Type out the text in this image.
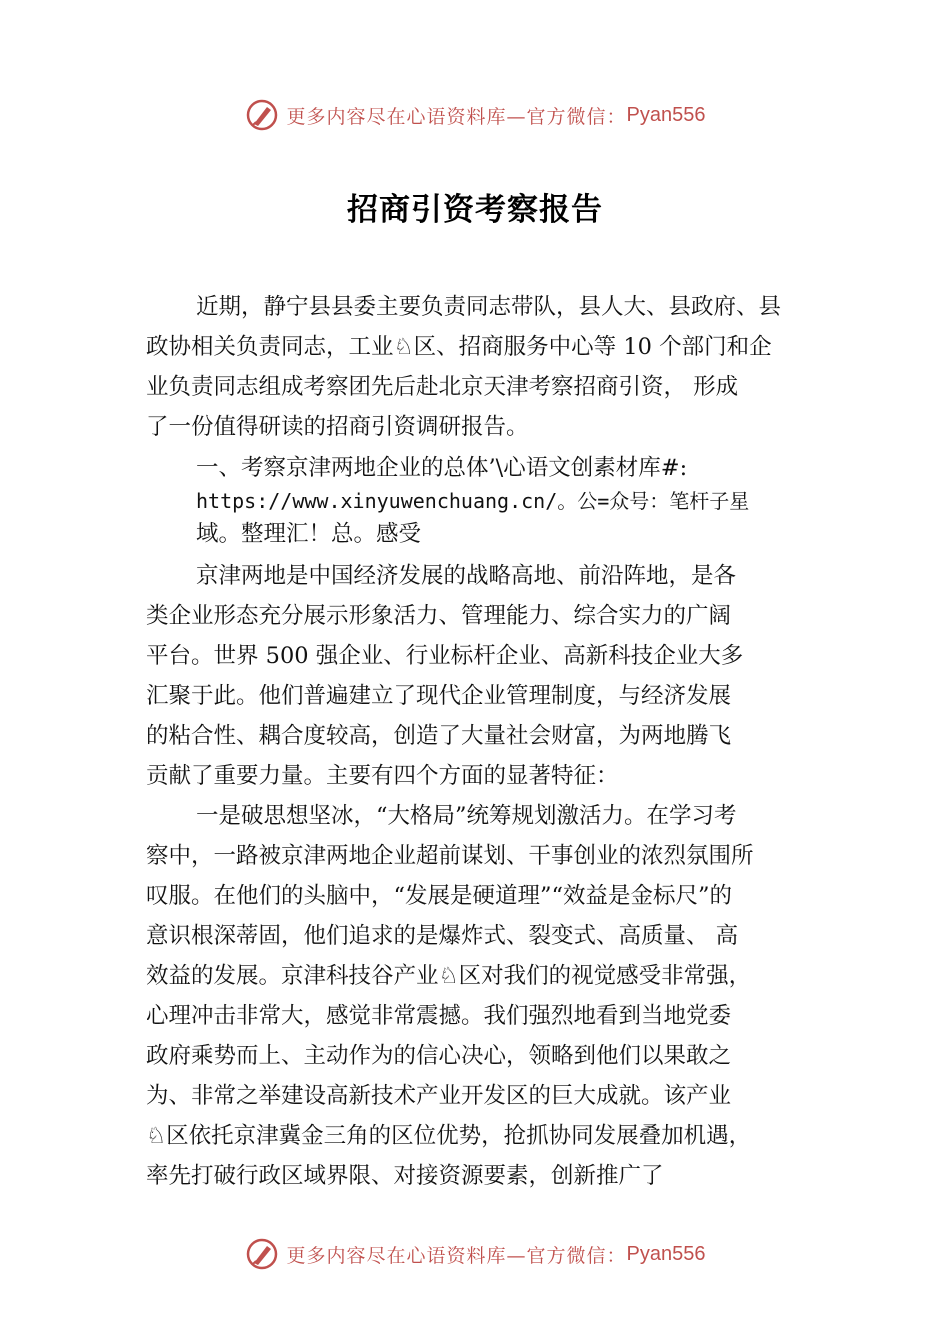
更多内容尽在心语资料库—官方微信： Pyan556
招商引资考察报告
近期，静宁县县委主要负责同志带队，县人大、县政府、县
政协相关负责同志，工业♘区、招商服务中心等 10 个部门和企
业负责同志组成考察团先后赴北京天津考察招商引资， 形成
了一份值得研读的招商引资调研报告。
一、考察京津两地企业的总体’\心语文创素材库#:
https://www.xinyuwenchuang.cn/。公=众号：笔杆子星
域。整理汇！总。感受
京津两地是中国经济发展的战略高地、前沿阵地，是各
类企业形态充分展示形象活力、管理能力、综合实力的广阔
平台。世界 500 强企业、行业标杆企业、高新科技企业大多
汇聚于此。他们普遍建立了现代企业管理制度，与经济发展
的粘合性、耦合度较高，创造了大量社会财富，为两地腾飞
贡献了重要力量。主要有四个方面的显著特征：
一是破思想坚冰，“大格局”统筹规划激活力。在学习考
察中，一路被京津两地企业超前谋划、干事创业的浓烈氛围所
叹服。在他们的头脑中，“发展是硬道理”“效益是金标尺”的
意识根深蒂固，他们追求的是爆炸式、裂变式、高质量、 高
效益的发展。京津科技谷产业♘区对我们的视觉感受非常强，
心理冲击非常大，感觉非常震撼。我们强烈地看到当地党委
政府乘势而上、主动作为的信心决心，领略到他们以果敢之
为、非常之举建设高新技术产业开发区的巨大成就。该产业
♘区依托京津冀金三角的区位优势，抢抓协同发展叠加机遇，
率先打破行政区域界限、对接资源要素，创新推广了
更多内容尽在心语资料库—官方微信： Pyan556
